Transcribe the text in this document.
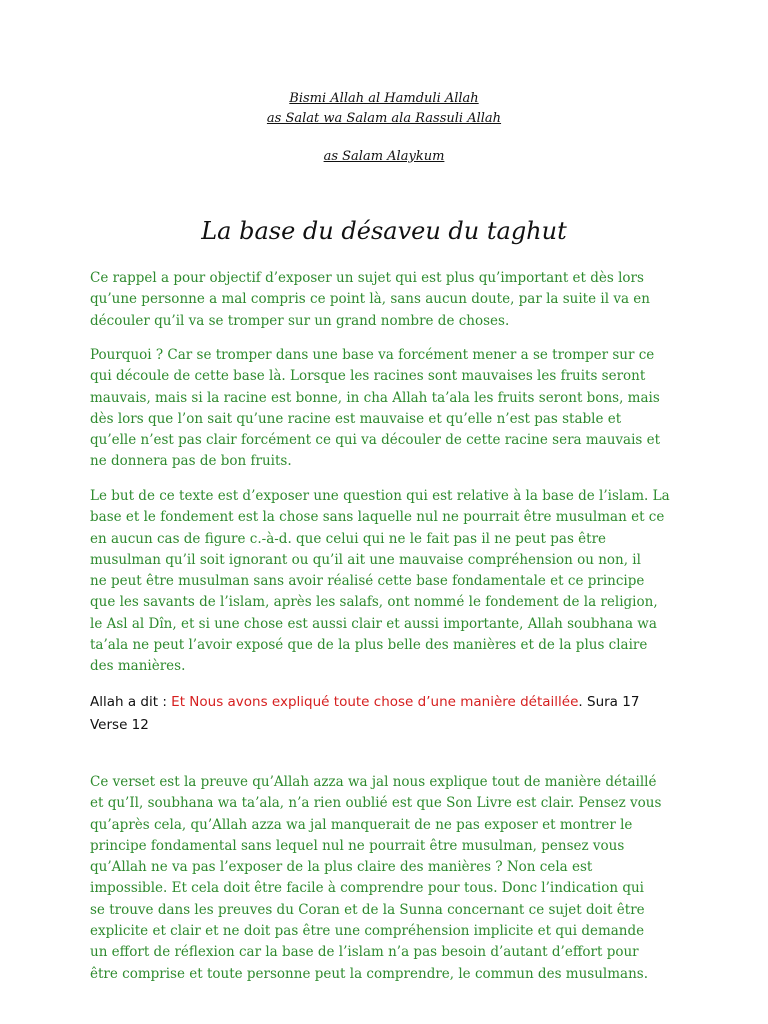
Bismi Allah al Hamduli Allah
as Salat wa Salam ala Rassuli Allah
as Salam Alaykum
La base du désaveu du taghut
Ce rappel a pour objectif d’exposer un sujet qui est plus qu’important et dès lors
qu’une personne a mal compris ce point là, sans aucun doute, par la suite il va en
découler qu’il va se tromper sur un grand nombre de choses.
Pourquoi ? Car se tromper dans une base va forcément mener a se tromper sur ce
qui découle de cette base là. Lorsque les racines sont mauvaises les fruits seront
mauvais, mais si la racine est bonne, in cha Allah ta’ala les fruits seront bons, mais
dès lors que l’on sait qu’une racine est mauvaise et qu’elle n’est pas stable et
qu’elle n’est pas clair forcément ce qui va découler de cette racine sera mauvais et
ne donnera pas de bon fruits.
Le but de ce texte est d’exposer une question qui est relative à la base de l’islam. La
base et le fondement est la chose sans laquelle nul ne pourrait être musulman et ce
en aucun cas de figure c.-à-d. que celui qui ne le fait pas il ne peut pas être
musulman qu’il soit ignorant ou qu’il ait une mauvaise compréhension ou non, il
ne peut être musulman sans avoir réalisé cette base fondamentale et ce principe
que les savants de l’islam, après les salafs, ont nommé le fondement de la religion,
le Asl al Dîn, et si une chose est aussi clair et aussi importante, Allah soubhana wa
ta’ala ne peut l’avoir exposé que de la plus belle des manières et de la plus claire
des manières.
Allah a dit : Et Nous avons expliqué toute chose d’une manière détaillée. Sura 17
Verse 12
Ce verset est la preuve qu’Allah azza wa jal nous explique tout de manière détaillé
et qu’Il, soubhana wa ta’ala, n’a rien oublié est que Son Livre est clair. Pensez vous
qu’après cela, qu’Allah azza wa jal manquerait de ne pas exposer et montrer le
principe fondamental sans lequel nul ne pourrait être musulman, pensez vous
qu’Allah ne va pas l’exposer de la plus claire des manières ? Non cela est
impossible. Et cela doit être facile à comprendre pour tous. Donc l’indication qui
se trouve dans les preuves du Coran et de la Sunna concernant ce sujet doit être
explicite et clair et ne doit pas être une compréhension implicite et qui demande
un effort de réflexion car la base de l’islam n’a pas besoin d’autant d’effort pour
être comprise et toute personne peut la comprendre, le commun des musulmans.
